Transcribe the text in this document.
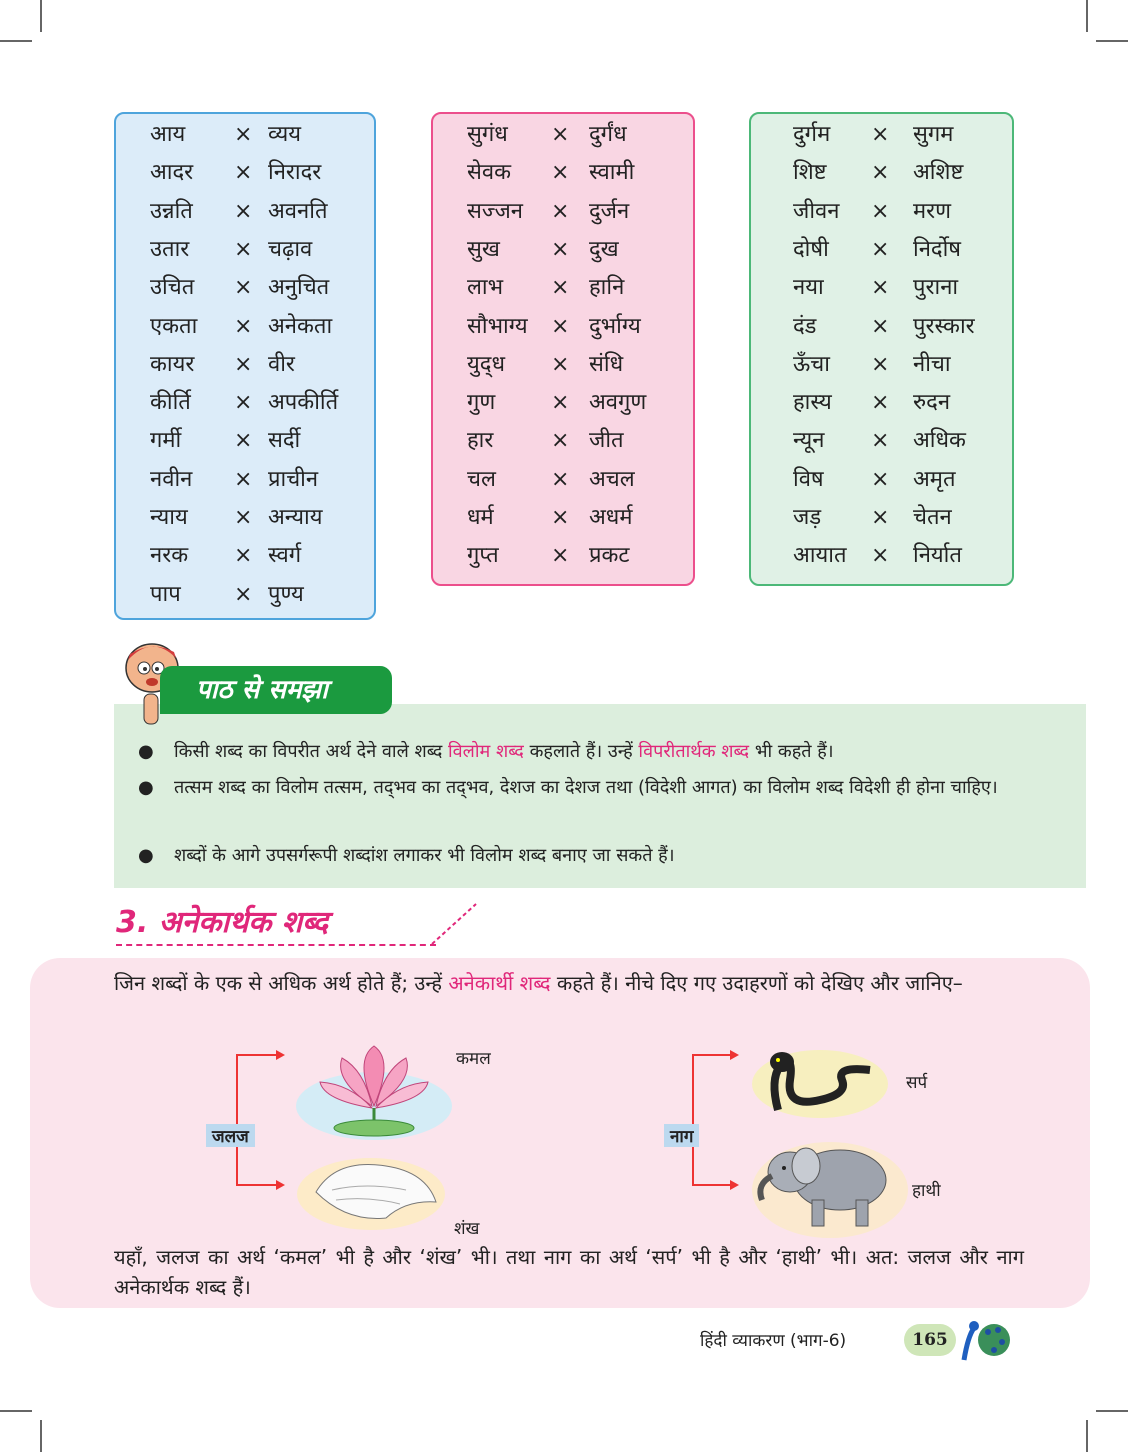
आय × व्यय
आदर × निरादर
उन्नति × अवनति
उतार × चढ़ाव
उचित × अनुचित
एकता × अनेकता
कायर × वीर
कीर्ति × अपकीर्ति
गर्मी × सर्दी
नवीन × प्राचीन
न्याय × अन्याय
नरक × स्वर्ग
पाप × पुण्य
सुगंध × दुर्गंध
सेवक × स्वामी
सज्जन × दुर्जन
सुख × दुख
लाभ × हानि
सौभाग्य × दुर्भाग्य
युद्‌ध × संधि
गुण	× अवगुण
हार	× जीत
चल	× अचल
धर्म	× अधर्म
गुप्त × प्रकट
दुर्गम × सुगम
शिष्ट × अशिष्ट
जीवन × मरण
दोषी × निर्दोष
नया × पुराना
दंड × पुरस्कार
ऊँचा × नीचा
हास्य × रुदन
न्यून × अधिक
विष × अमृत
जड़ × चेतन
आयात × निर्यात
पाठ से समझा
● किसी शब्द का विपरीत अर्थ देने वाले शब्द विलोम शब्द कहलाते हैं। उन्हें विपरीतार्थक शब्द भी कहते हैं।
● तत्सम शब्द का विलोम तत्सम, तद्‌भव का तद्‌भव, देशज का देशज तथा (विदेशी आगत) का विलोम शब्द विदेशी ही होना चाहिए।
● शब्दों के आगे उपसर्गरूपी शब्दांश लगाकर भी विलोम शब्द बनाए जा सकते हैं।
3. अनेकार्थक शब्द
जिन शब्दों के एक से अधिक अर्थ होते हैं; उन्हें अनेकार्थी शब्द कहते हैं। नीचे दिए गए उदाहरणों को देखिए और जानिए–
जलज
कमल
शंख
नाग
सर्प
हाथी
यहाँ, जलज का अर्थ ‘कमल’ भी है और ‘शंख’ भी। तथा नाग का अर्थ ‘सर्प’ भी है और ‘हाथी’ भी। अत: जलज और नाग अनेकार्थक शब्द हैं।
हिंदी व्याकरण (भाग-6)	165
